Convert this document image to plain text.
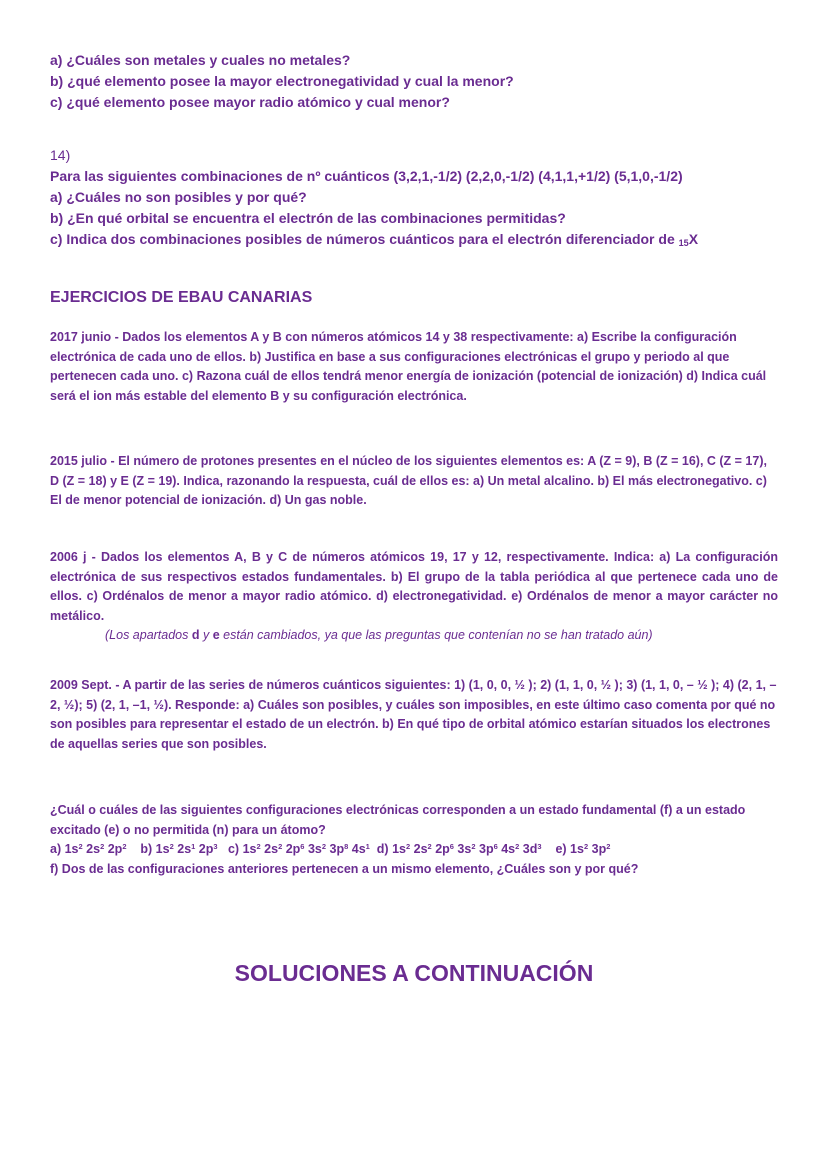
a) ¿Cuáles son metales y cuales no metales?
b) ¿qué elemento posee la mayor electronegatividad y cual la menor?
c) ¿qué elemento posee mayor radio atómico y cual menor?
14)
Para las siguientes combinaciones de nº cuánticos (3,2,1,-1/2) (2,2,0,-1/2) (4,1,1,+1/2) (5,1,0,-1/2)
a) ¿Cuáles no son posibles y por qué?
b) ¿En qué orbital se encuentra el electrón de las combinaciones permitidas?
c) Indica dos combinaciones posibles de números cuánticos para el electrón diferenciador de $_{15}$X
EJERCICIOS DE EBAU CANARIAS
2017 junio - Dados los elementos A y B con números atómicos 14 y 38 respectivamente: a) Escribe la configuración electrónica de cada uno de ellos. b) Justifica en base a sus configuraciones electrónicas el grupo y periodo al que pertenecen cada uno. c) Razona cuál de ellos tendrá menor energía de ionización (potencial de ionización) d) Indica cuál será el ion más estable del elemento B y su configuración electrónica.
2015 julio - El número de protones presentes en el núcleo de los siguientes elementos es: A (Z = 9), B (Z = 16), C (Z = 17), D (Z = 18) y E (Z = 19). Indica, razonando la respuesta, cuál de ellos es: a) Un metal alcalino. b) El más electronegativo. c) El de menor potencial de ionización. d) Un gas noble.
2006 j - Dados los elementos A, B y C de números atómicos 19, 17 y 12, respectivamente. Indica: a) La configuración electrónica de sus respectivos estados fundamentales. b) El grupo de la tabla periódica al que pertenece cada uno de ellos. c) Ordénalos de menor a mayor radio atómico. d) electronegatividad. e) Ordénalos de menor a mayor carácter no metálico.
(Los apartados d y e están cambiados, ya que las preguntas que contenían no se han tratado aún)
2009 Sept. - A partir de las series de números cuánticos siguientes: 1) (1, 0, 0, ½ ); 2) (1, 1, 0, ½ ); 3) (1, 1, 0, – ½ ); 4) (2, 1, –2, ½); 5) (2, 1, –1, ½). Responde: a) Cuáles son posibles, y cuáles son imposibles, en este último caso comenta por qué no son posibles para representar el estado de un electrón. b) En qué tipo de orbital atómico estarían situados los electrones de aquellas series que son posibles.
¿Cuál o cuáles de las siguientes configuraciones electrónicas corresponden a un estado fundamental (f) a un estado excitado (e) o no permitida (n) para un átomo?
a) $1s^2$ $2s^2$ $2p^2$ b) $1s^2$ $2s^1$ $2p^3$ c) $1s^2$ $2s^2$ $2p^6$ $3s^2$ $3p^8$ $4s^1$ d) $1s^2$ $2s^2$ $2p^6$ $3s^2$ $3p^6$ $4s^2$ $3d^3$ e) $1s^2$ $3p^2$
f) Dos de las configuraciones anteriores pertenecen a un mismo elemento, ¿Cuáles son y por qué?
SOLUCIONES A CONTINUACIÓN
